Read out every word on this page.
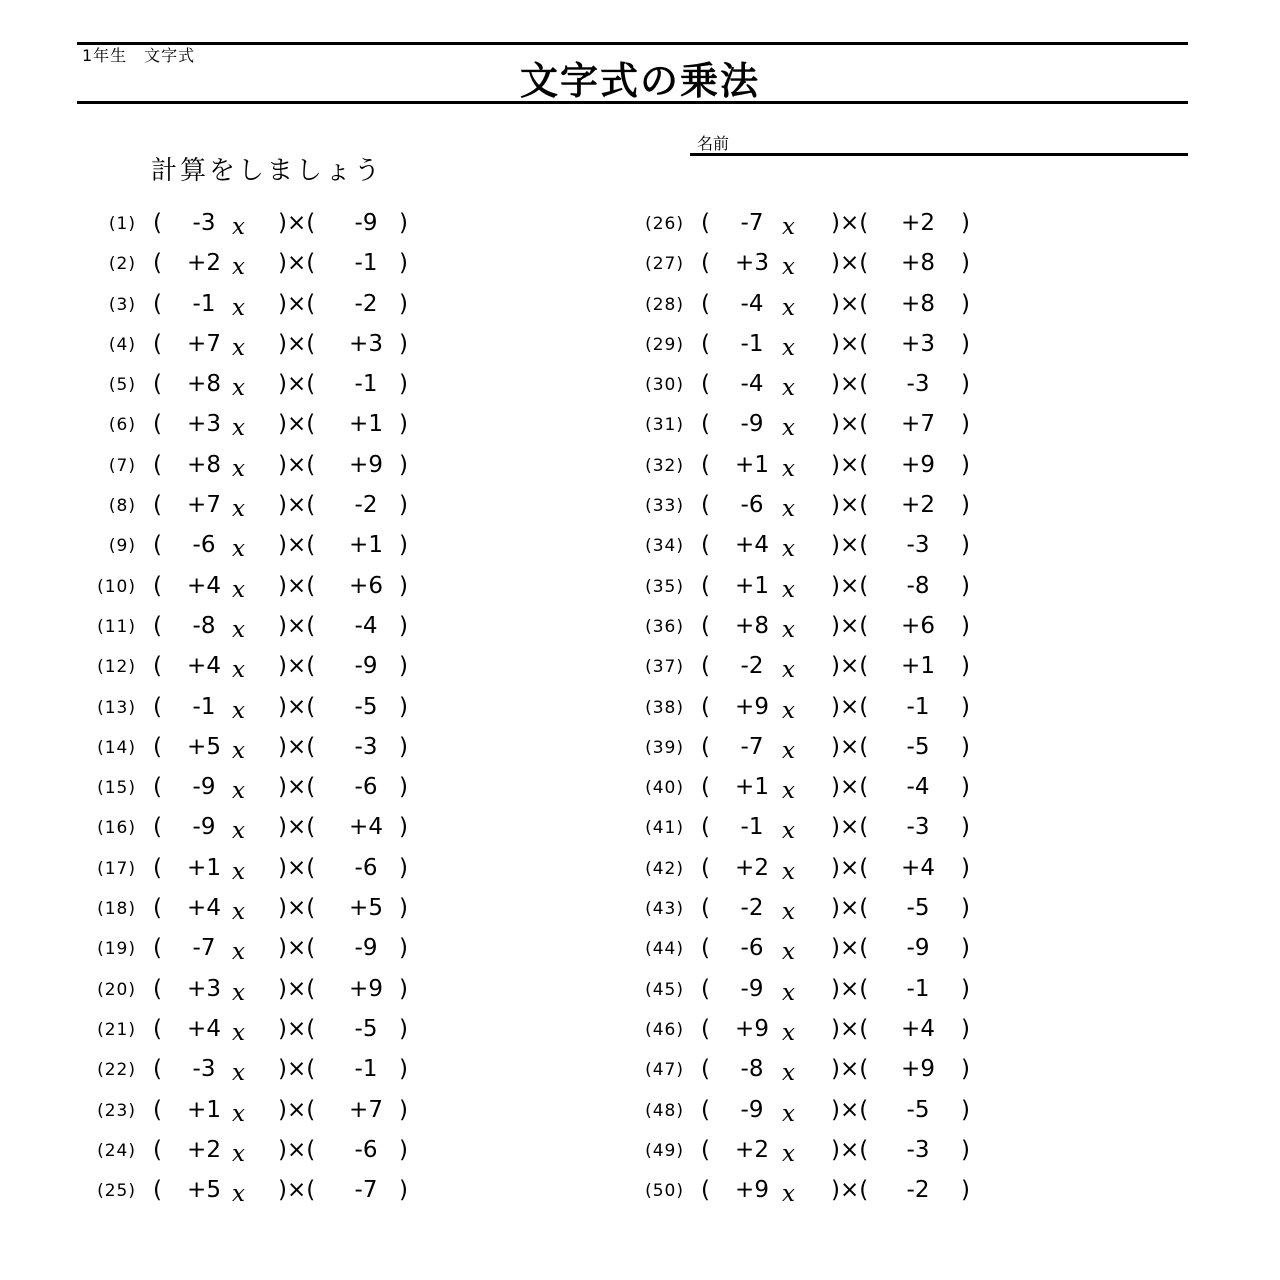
1年生　文字式
文字式の乗法
名前
計算をしましょう
(1) (	-3 x )×(	-9 )
(2) (	+2 x )×(	-1 )
(3) (	-1 x )×(	-2 )
(4) (	+7 x )×(	+3 )
(5) (	+8 x )×(	-1 )
(6) (	+3 x )×(	+1 )
(7) (	+8 x )×(	+9 )
(8) (	+7 x )×(	-2 )
(9) (	-6 x )×(	+1 )
(10) (	+4 x )×(	+6 )
(11) (	-8 x )×(	-4 )
(12) (	+4 x )×(	-9 )
(13) (	-1 x )×(	-5 )
(14) (	+5 x )×(	-3 )
(15) (	-9 x )×(	-6 )
(16) (	-9 x )×(	+4 )
(17) (	+1 x )×(	-6 )
(18) (	+4 x )×(	+5 )
(19) (	-7 x )×(	-9 )
(20) (	+3 x )×(	+9 )
(21) (	+4 x )×(	-5 )
(22) (	-3 x )×(	-1 )
(23) (	+1 x )×(	+7 )
(24) (	+2 x )×(	-6 )
(25) (	+5 x )×(	-7 )
(26) (	-7 x )×(	+2	)
(27) (	+3 x )×(	+8	)
(28) (	-4 x )×(	+8	)
(29) (	-1 x )×(	+3	)
(30) (	-4 x )×(	-3	)
(31) (	-9 x )×(	+7	)
(32) (	+1 x )×(	+9	)
(33) (	-6 x )×(	+2	)
(34) (	+4 x )×(	-3	)
(35) (	+1 x )×(	-8	)
(36) (	+8 x )×(	+6	)
(37) (	-2 x )×(	+1	)
(38) (	+9 x )×(	-1	)
(39) (	-7 x )×(	-5	)
(40) (	+1 x )×(	-4	)
(41) (	-1 x )×(	-3	)
(42) (	+2 x )×(	+4	)
(43) (	-2 x )×(	-5	)
(44) (	-6 x )×(	-9	)
(45) (	-9 x )×(	-1	)
(46) (	+9 x )×(	+4	)
(47) (	-8 x )×(	+9	)
(48) (	-9 x )×(	-5	)
(49) (	+2 x )×(	-3	)
(50) (	+9 x )×(	-2	)
